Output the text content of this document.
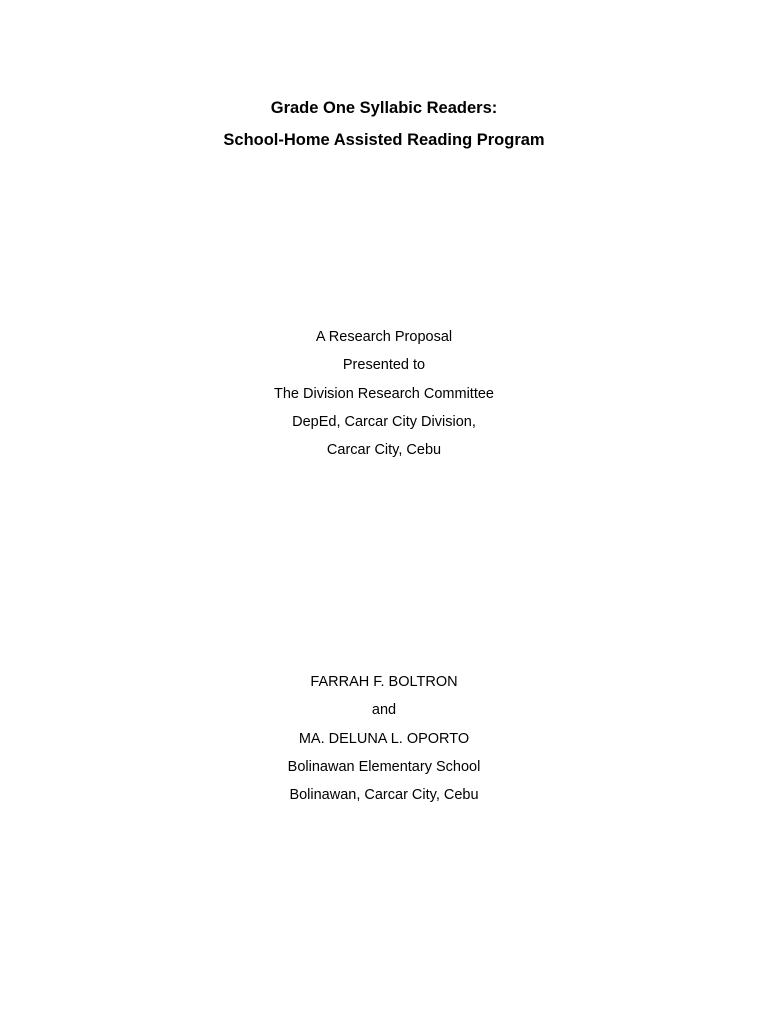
Grade One Syllabic Readers:

School-Home Assisted Reading Program

A Research Proposal

Presented to

The Division Research Committee

DepEd, Carcar City Division,

Carcar City, Cebu

FARRAH F. BOLTRON

and

MA. DELUNA L. OPORTO

Bolinawan Elementary School

Bolinawan, Carcar City, Cebu
